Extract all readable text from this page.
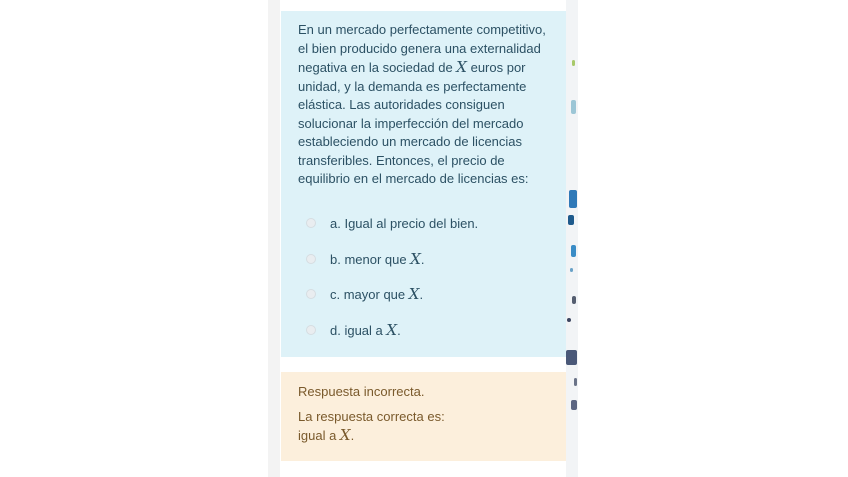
En un mercado perfectamente competitivo, el bien producido genera una externalidad negativa en la sociedad de X euros por unidad, y la demanda es perfectamente elástica. Las autoridades consiguen solucionar la imperfección del mercado estableciendo un mercado de licencias transferibles. Entonces, el precio de equilibrio en el mercado de licencias es:

a. Igual al precio del bien.
b. menor que X.
c. mayor que X.
d. igual a X.
Respuesta incorrecta.
La respuesta correcta es:
igual a X.
